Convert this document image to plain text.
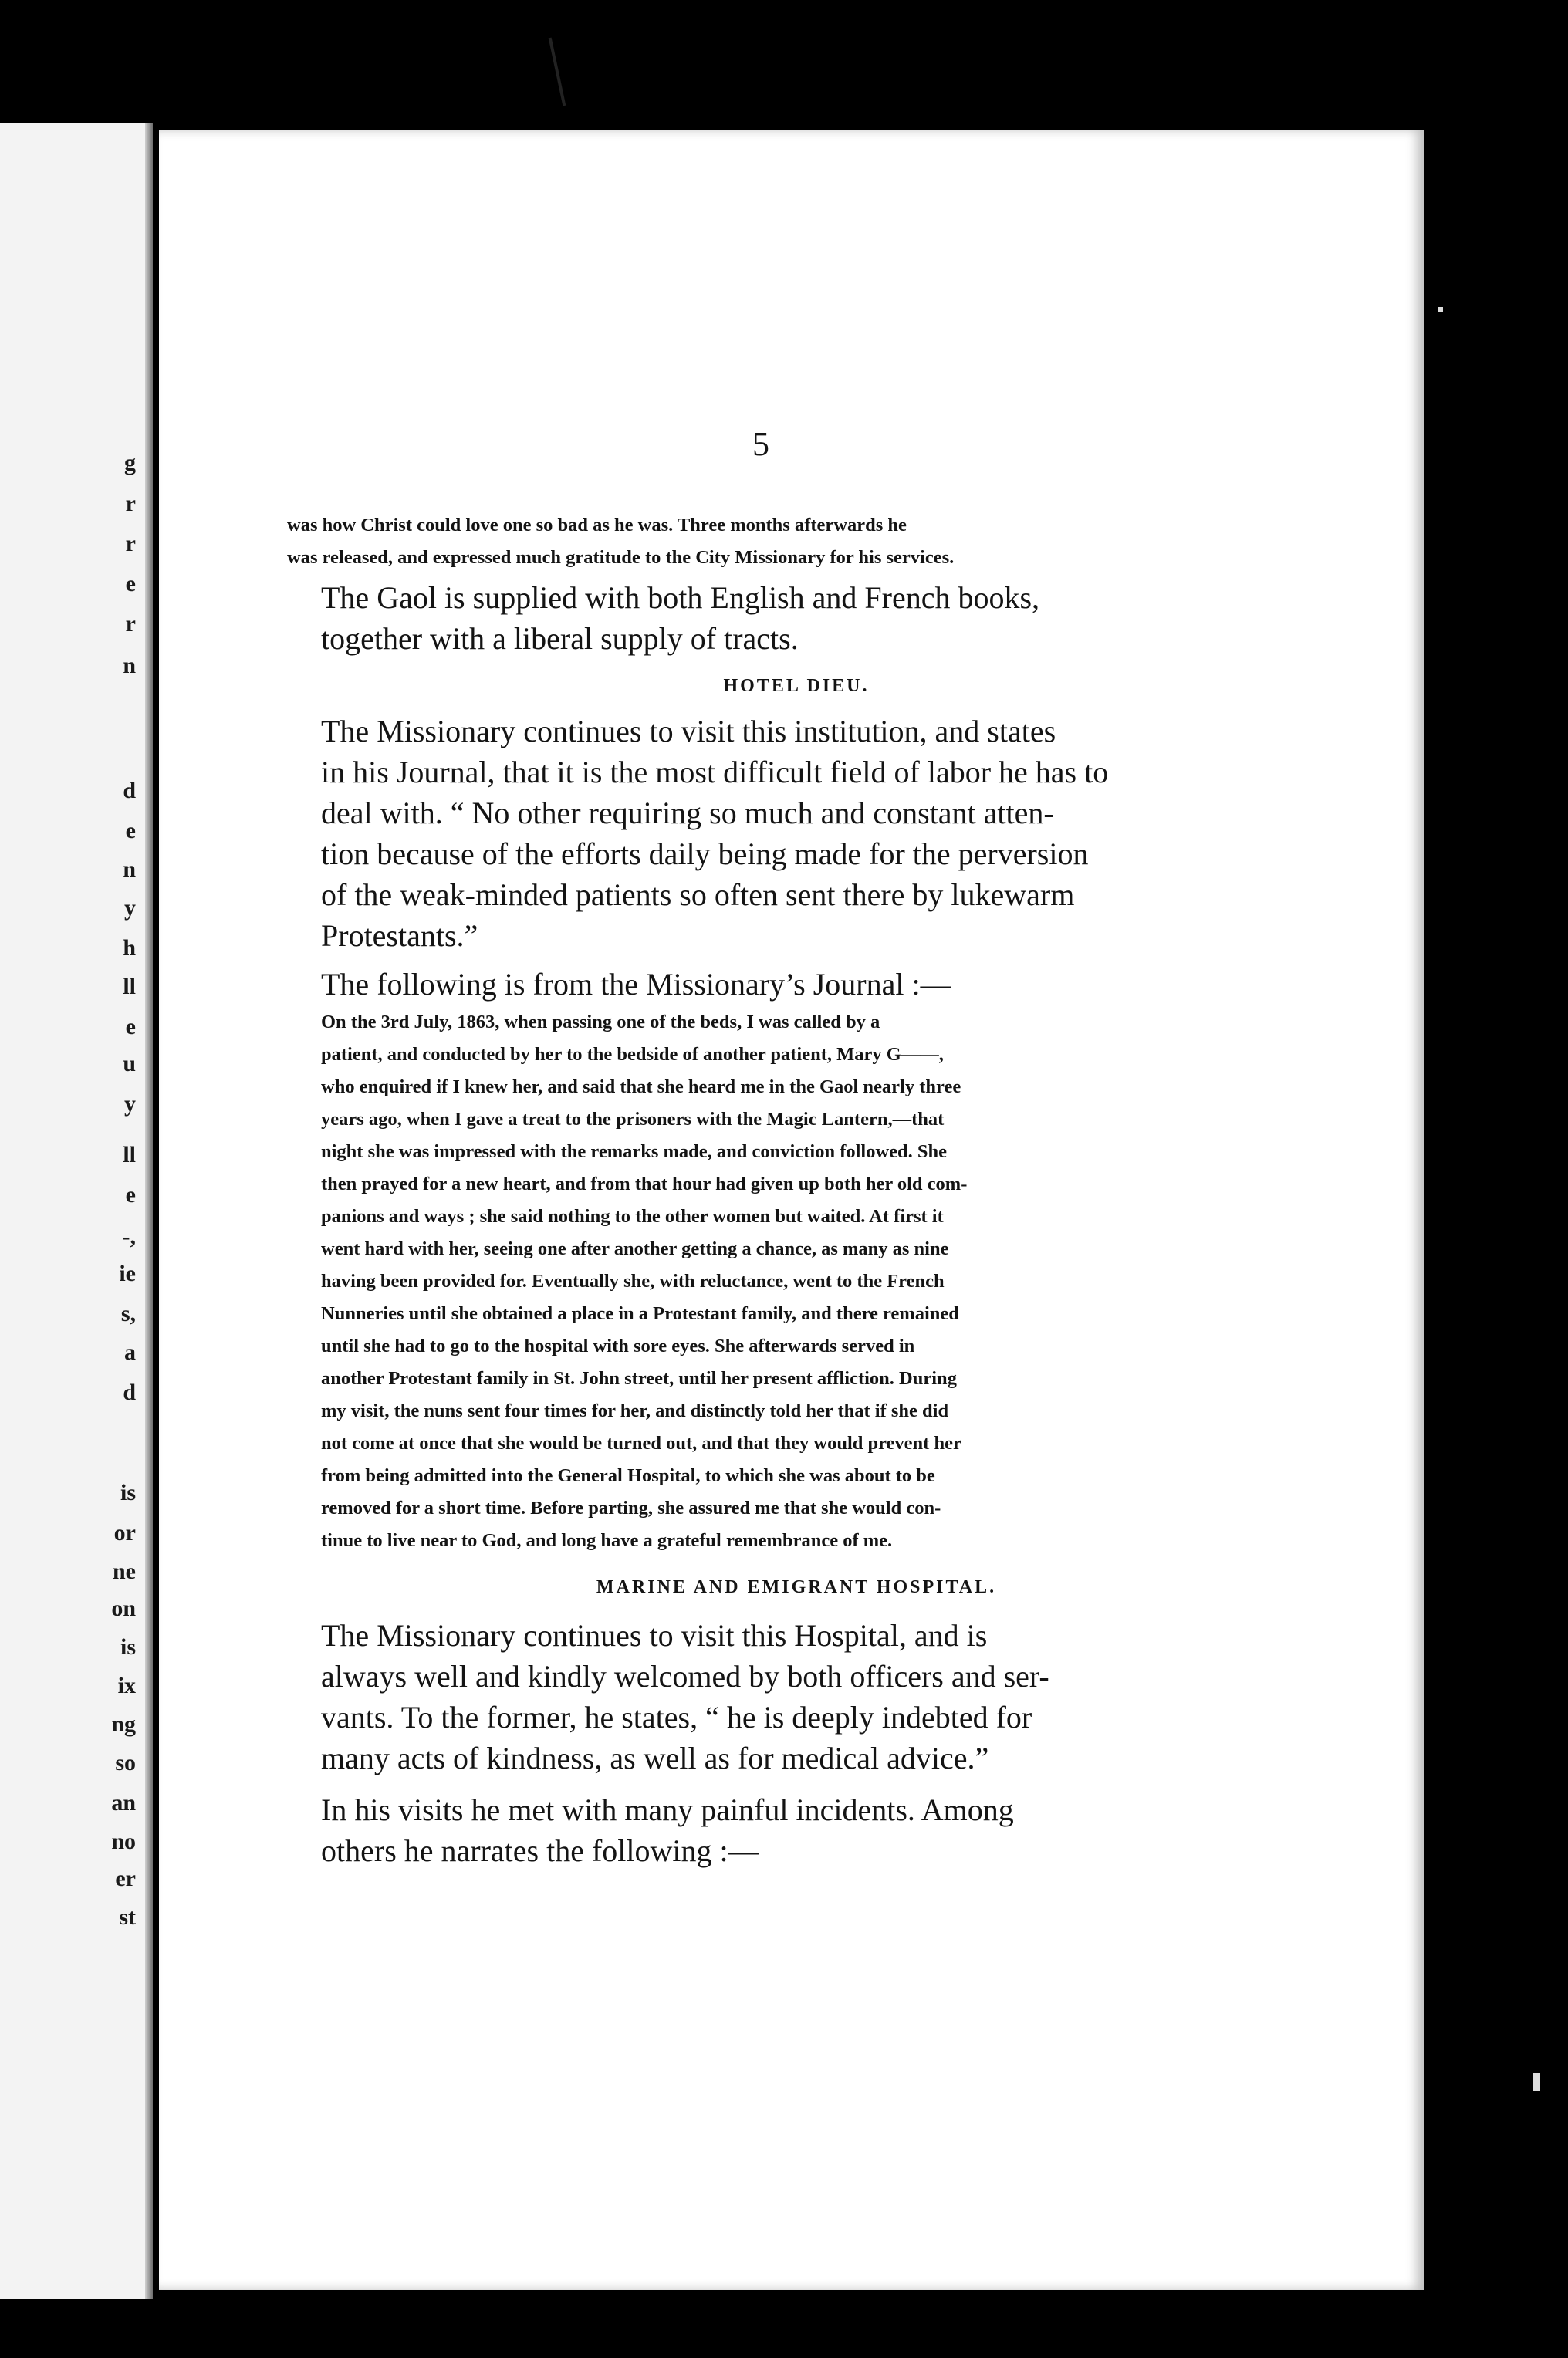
g
r
r
e
r
n
d
e
n
y
h
ll
e
u
y
ll
e
-,
ie
s,
a
d
is
or
ne
on
is
ix
ng
so
an
no
er
st
5

was how Christ could love one so bad as he was. Three months afterwards he
was released, and expressed much gratitude to the City Missionary for his services.

The Gaol is supplied with both English and French books,
together with a liberal supply of tracts.

HOTEL DIEU.

The Missionary continues to visit this institution, and states
in his Journal, that it is the most difficult field of labor he has to
deal with. “ No other requiring so much and constant atten-
tion because of the efforts daily being made for the perversion
of the weak-minded patients so often sent there by lukewarm
Protestants.”

The following is from the Missionary’s Journal :—

On the 3rd July, 1863, when passing one of the beds, I was called by a
patient, and conducted by her to the bedside of another patient, Mary G——,
who enquired if I knew her, and said that she heard me in the Gaol nearly three
years ago, when I gave a treat to the prisoners with the Magic Lantern,—that
night she was impressed with the remarks made, and conviction followed. She
then prayed for a new heart, and from that hour had given up both her old com-
panions and ways ; she said nothing to the other women but waited. At first it
went hard with her, seeing one after another getting a chance, as many as nine
having been provided for. Eventually she, with reluctance, went to the French
Nunneries until she obtained a place in a Protestant family, and there remained
until she had to go to the hospital with sore eyes. She afterwards served in
another Protestant family in St. John street, until her present affliction. During
my visit, the nuns sent four times for her, and distinctly told her that if she did
not come at once that she would be turned out, and that they would prevent her
from being admitted into the General Hospital, to which she was about to be
removed for a short time. Before parting, she assured me that she would con-
tinue to live near to God, and long have a grateful remembrance of me.

MARINE AND EMIGRANT HOSPITAL.

The Missionary continues to visit this Hospital, and is
always well and kindly welcomed by both officers and ser-
vants. To the former, he states, “ he is deeply indebted for
many acts of kindness, as well as for medical advice.”

In his visits he met with many painful incidents. Among
others he narrates the following :—
